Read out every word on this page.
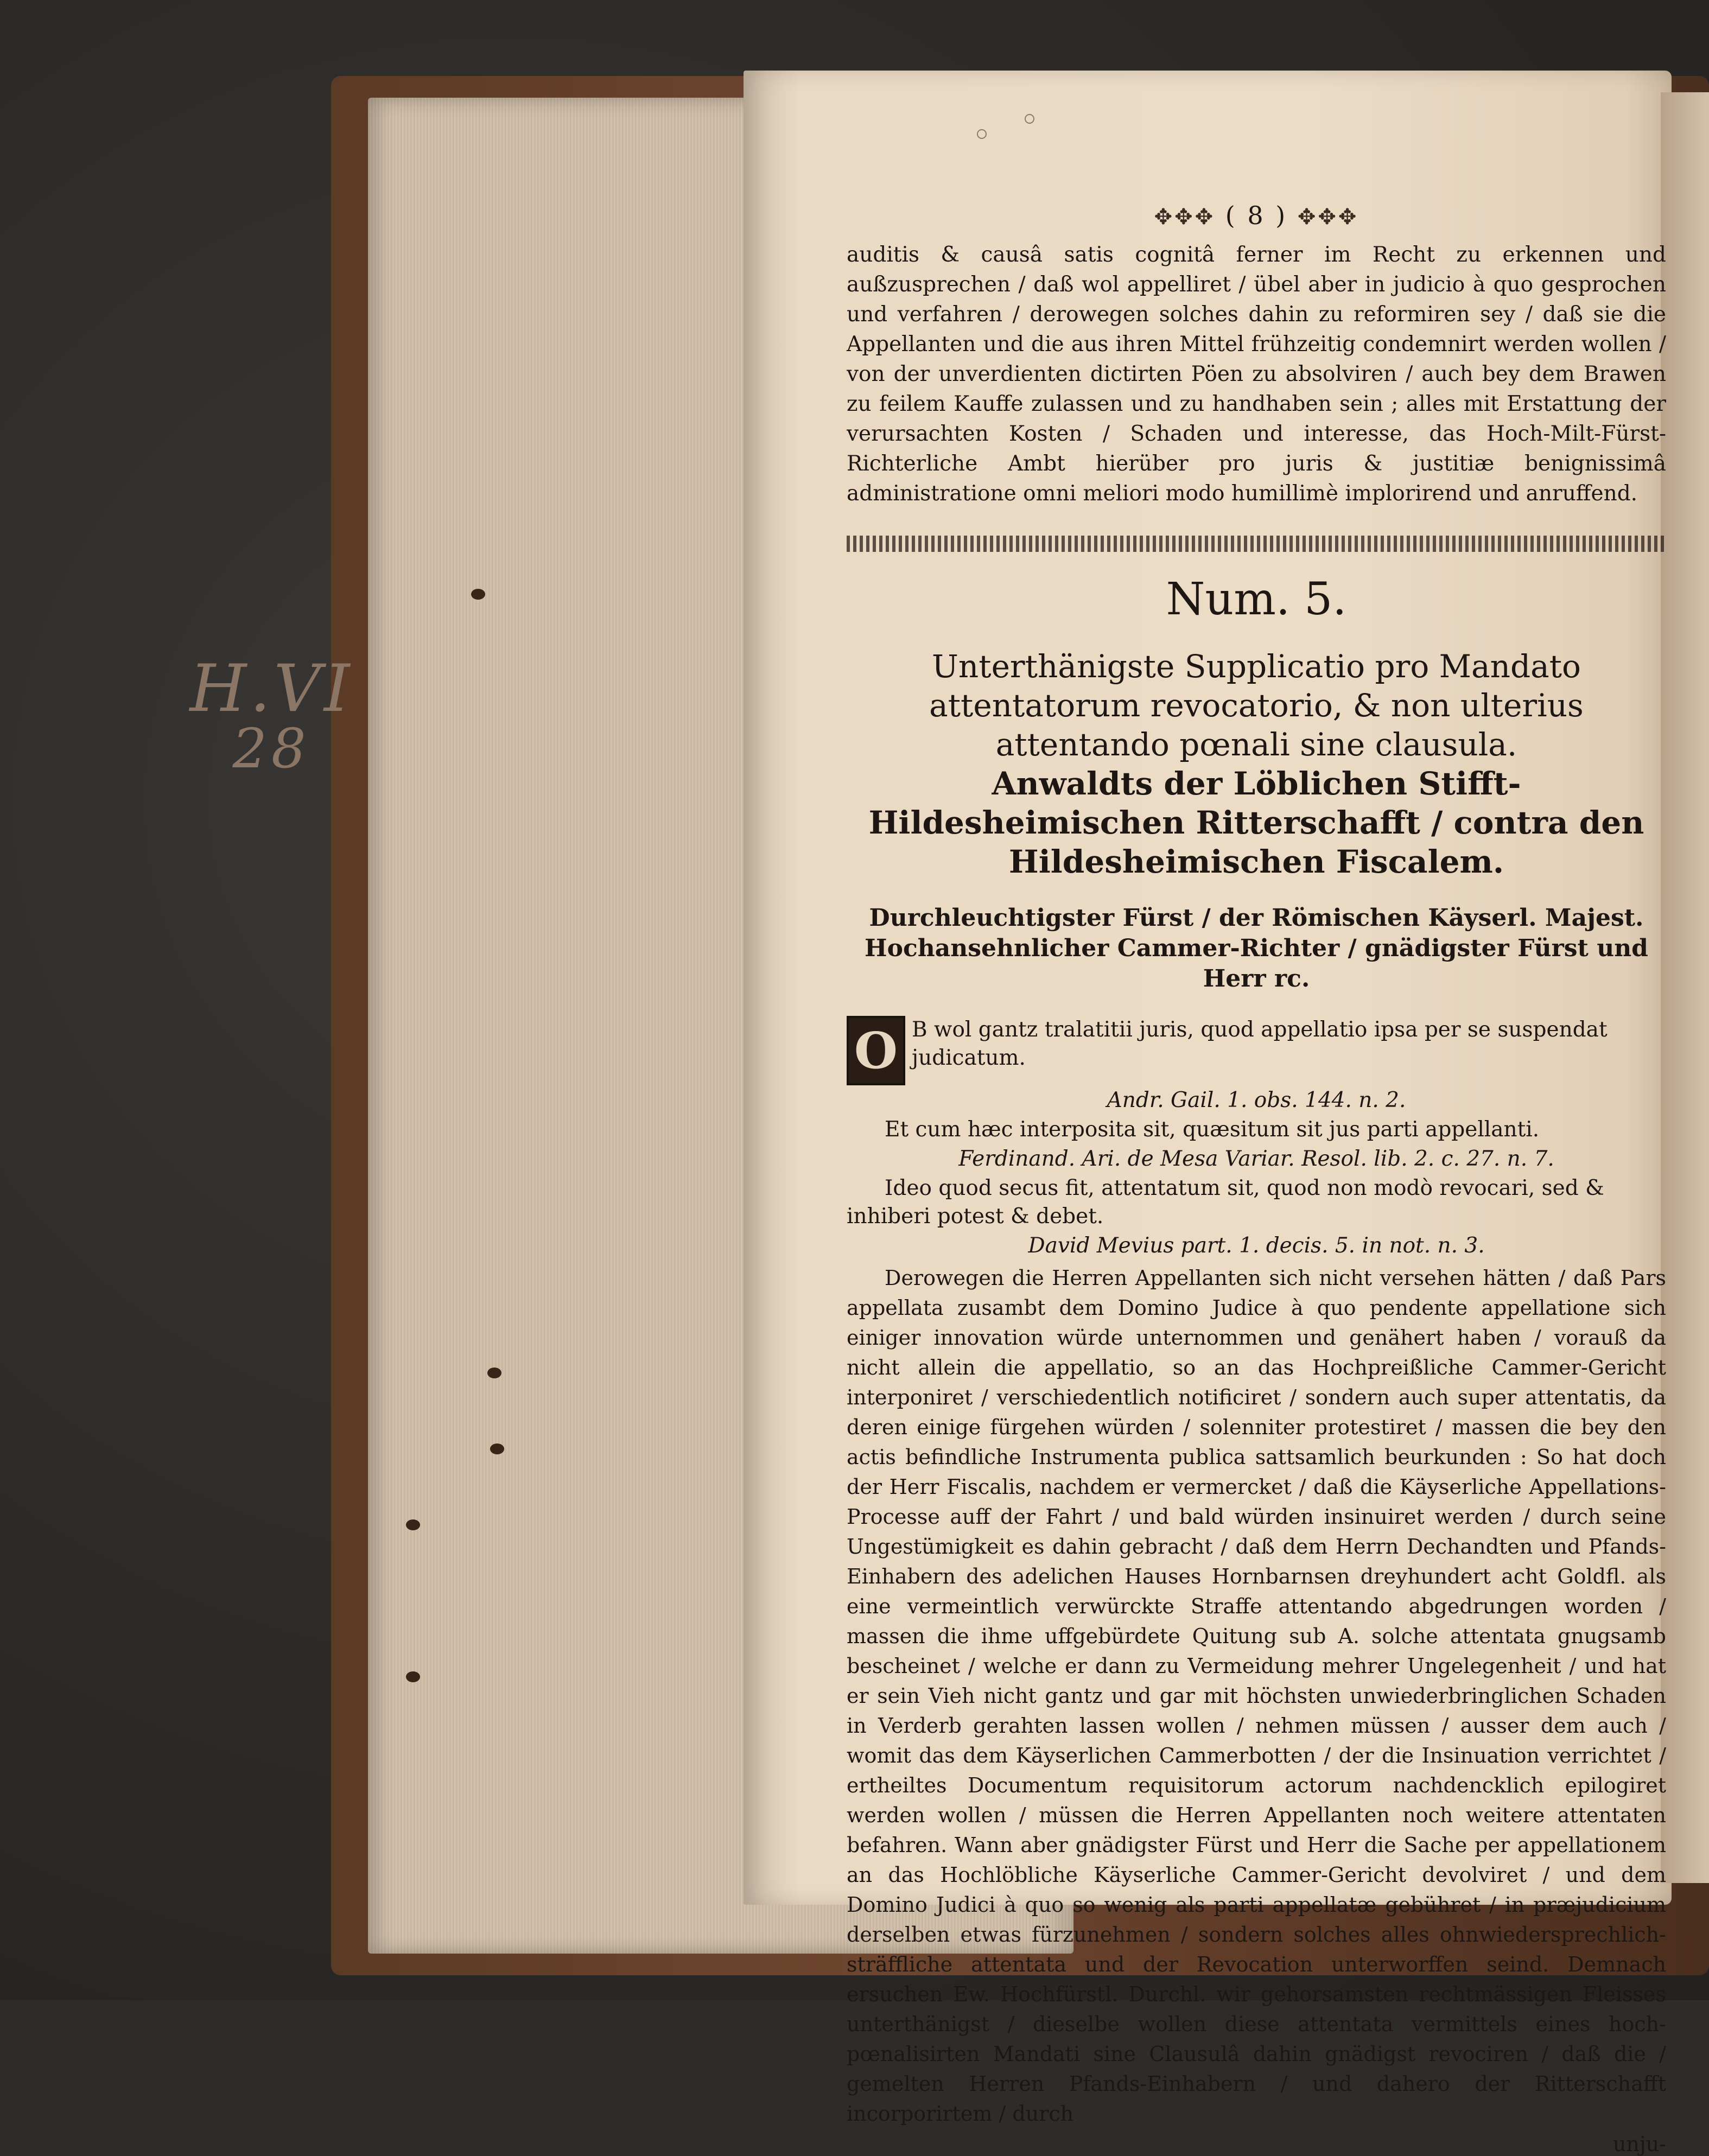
H.VI
28
✥✥✥ ( 8 ) ✥✥✥

auditis & causâ satis cognitâ ferner im Recht zu erkennen und außzusprechen / daß wol appelliret / übel aber in judicio à quo gesprochen und verfahren / derowegen solches dahin zu reformiren sey / daß sie die Appellanten und die aus ihren Mittel frühzeitig condemnirt werden wollen / von der unverdienten dictirten Pöen zu absolviren / auch bey dem Brawen zu feilem Kauffe zulassen und zu handhaben sein ; alles mit Erstattung der verursachten Kosten / Schaden und interesse, das Hoch-Milt-Fürst-Richterliche Ambt hierüber pro juris & justitiæ benignissimâ administratione omni meliori modo humillimè implorirend und anruffend.

Num. 5.

Unterthänigste Supplicatio pro Mandato attentatorum revocatorio, & non ulterius attentando pœnali sine clausula.
Anwaldts der Löblichen Stifft-Hildesheimischen Ritterschafft / contra den Hildesheimischen Fiscalem.

Durchleuchtigster Fürst / der Römischen Käyserl. Majest. Hochansehnlicher Cammer-Richter / gnädigster Fürst und Herr rc.

O B wol gantz tralatitii juris, quod appellatio ipsa per se suspendat judicatum.

Andr. Gail. 1. obs. 144. n. 2.

Et cum hæc interposita sit, quæsitum sit jus parti appellanti.

Ferdinand. Ari. de Mesa Variar. Resol. lib. 2. c. 27. n. 7.

Ideo quod secus fit, attentatum sit, quod non modò revocari, sed & inhiberi potest & debet.

David Mevius part. 1. decis. 5. in not. n. 3.

Derowegen die Herren Appellanten sich nicht versehen hätten / daß Pars appellata zusambt dem Domino Judice à quo pendente appellatione sich einiger innovation würde unternommen und genähert haben / vorauß da nicht allein die appellatio, so an das Hochpreißliche Cammer-Gericht interponiret / verschiedentlich notificiret / sondern auch super attentatis, da deren einige fürgehen würden / solenniter protestiret / massen die bey den actis befindliche Instrumenta publica sattsamlich beurkunden : So hat doch der Herr Fiscalis, nachdem er vermercket / daß die Käyserliche Appellations-Processe auff der Fahrt / und bald würden insinuiret werden / durch seine Ungestümigkeit es dahin gebracht / daß dem Herrn Dechandten und Pfands-Einhabern des adelichen Hauses Hornbarnsen dreyhundert acht Goldfl. als eine vermeintlich verwürckte Straffe attentando abgedrungen worden / massen die ihme uffgebürdete Quitung sub A. solche attentata gnugsamb bescheinet / welche er dann zu Vermeidung mehrer Ungelegenheit / und hat er sein Vieh nicht gantz und gar mit höchsten unwiederbringlichen Schaden in Verderb gerahten lassen wollen / nehmen müssen / ausser dem auch / womit das dem Käyserlichen Cammerbotten / der die Insinuation verrichtet / ertheiltes Documentum requisitorum actorum nachdencklich epilogiret werden wollen / müssen die Herren Appellanten noch weitere attentaten befahren. Wann aber gnädigster Fürst und Herr die Sache per appellationem an das Hochlöbliche Käyserliche Cammer-Gericht devolviret / und dem Domino Judici à quo so wenig als parti appellatæ gebühret / in præjudicium derselben etwas fürzunehmen / sondern solches alles ohnwiedersprechlich-sträffliche attentata und der Revocation unterworffen seind. Demnach ersuchen Ew. Hochfürstl. Durchl. wir gehorsamsten rechtmässigen Fleisses unterthänigst / dieselbe wollen diese attentata vermittels eines hoch-pœnalisirten Mandati sine Clausulâ dahin gnädigst revociren / daß die / gemelten Herren Pfands-Einhabern / und dahero der Ritterschafft incorporirtem / durch

unju-
